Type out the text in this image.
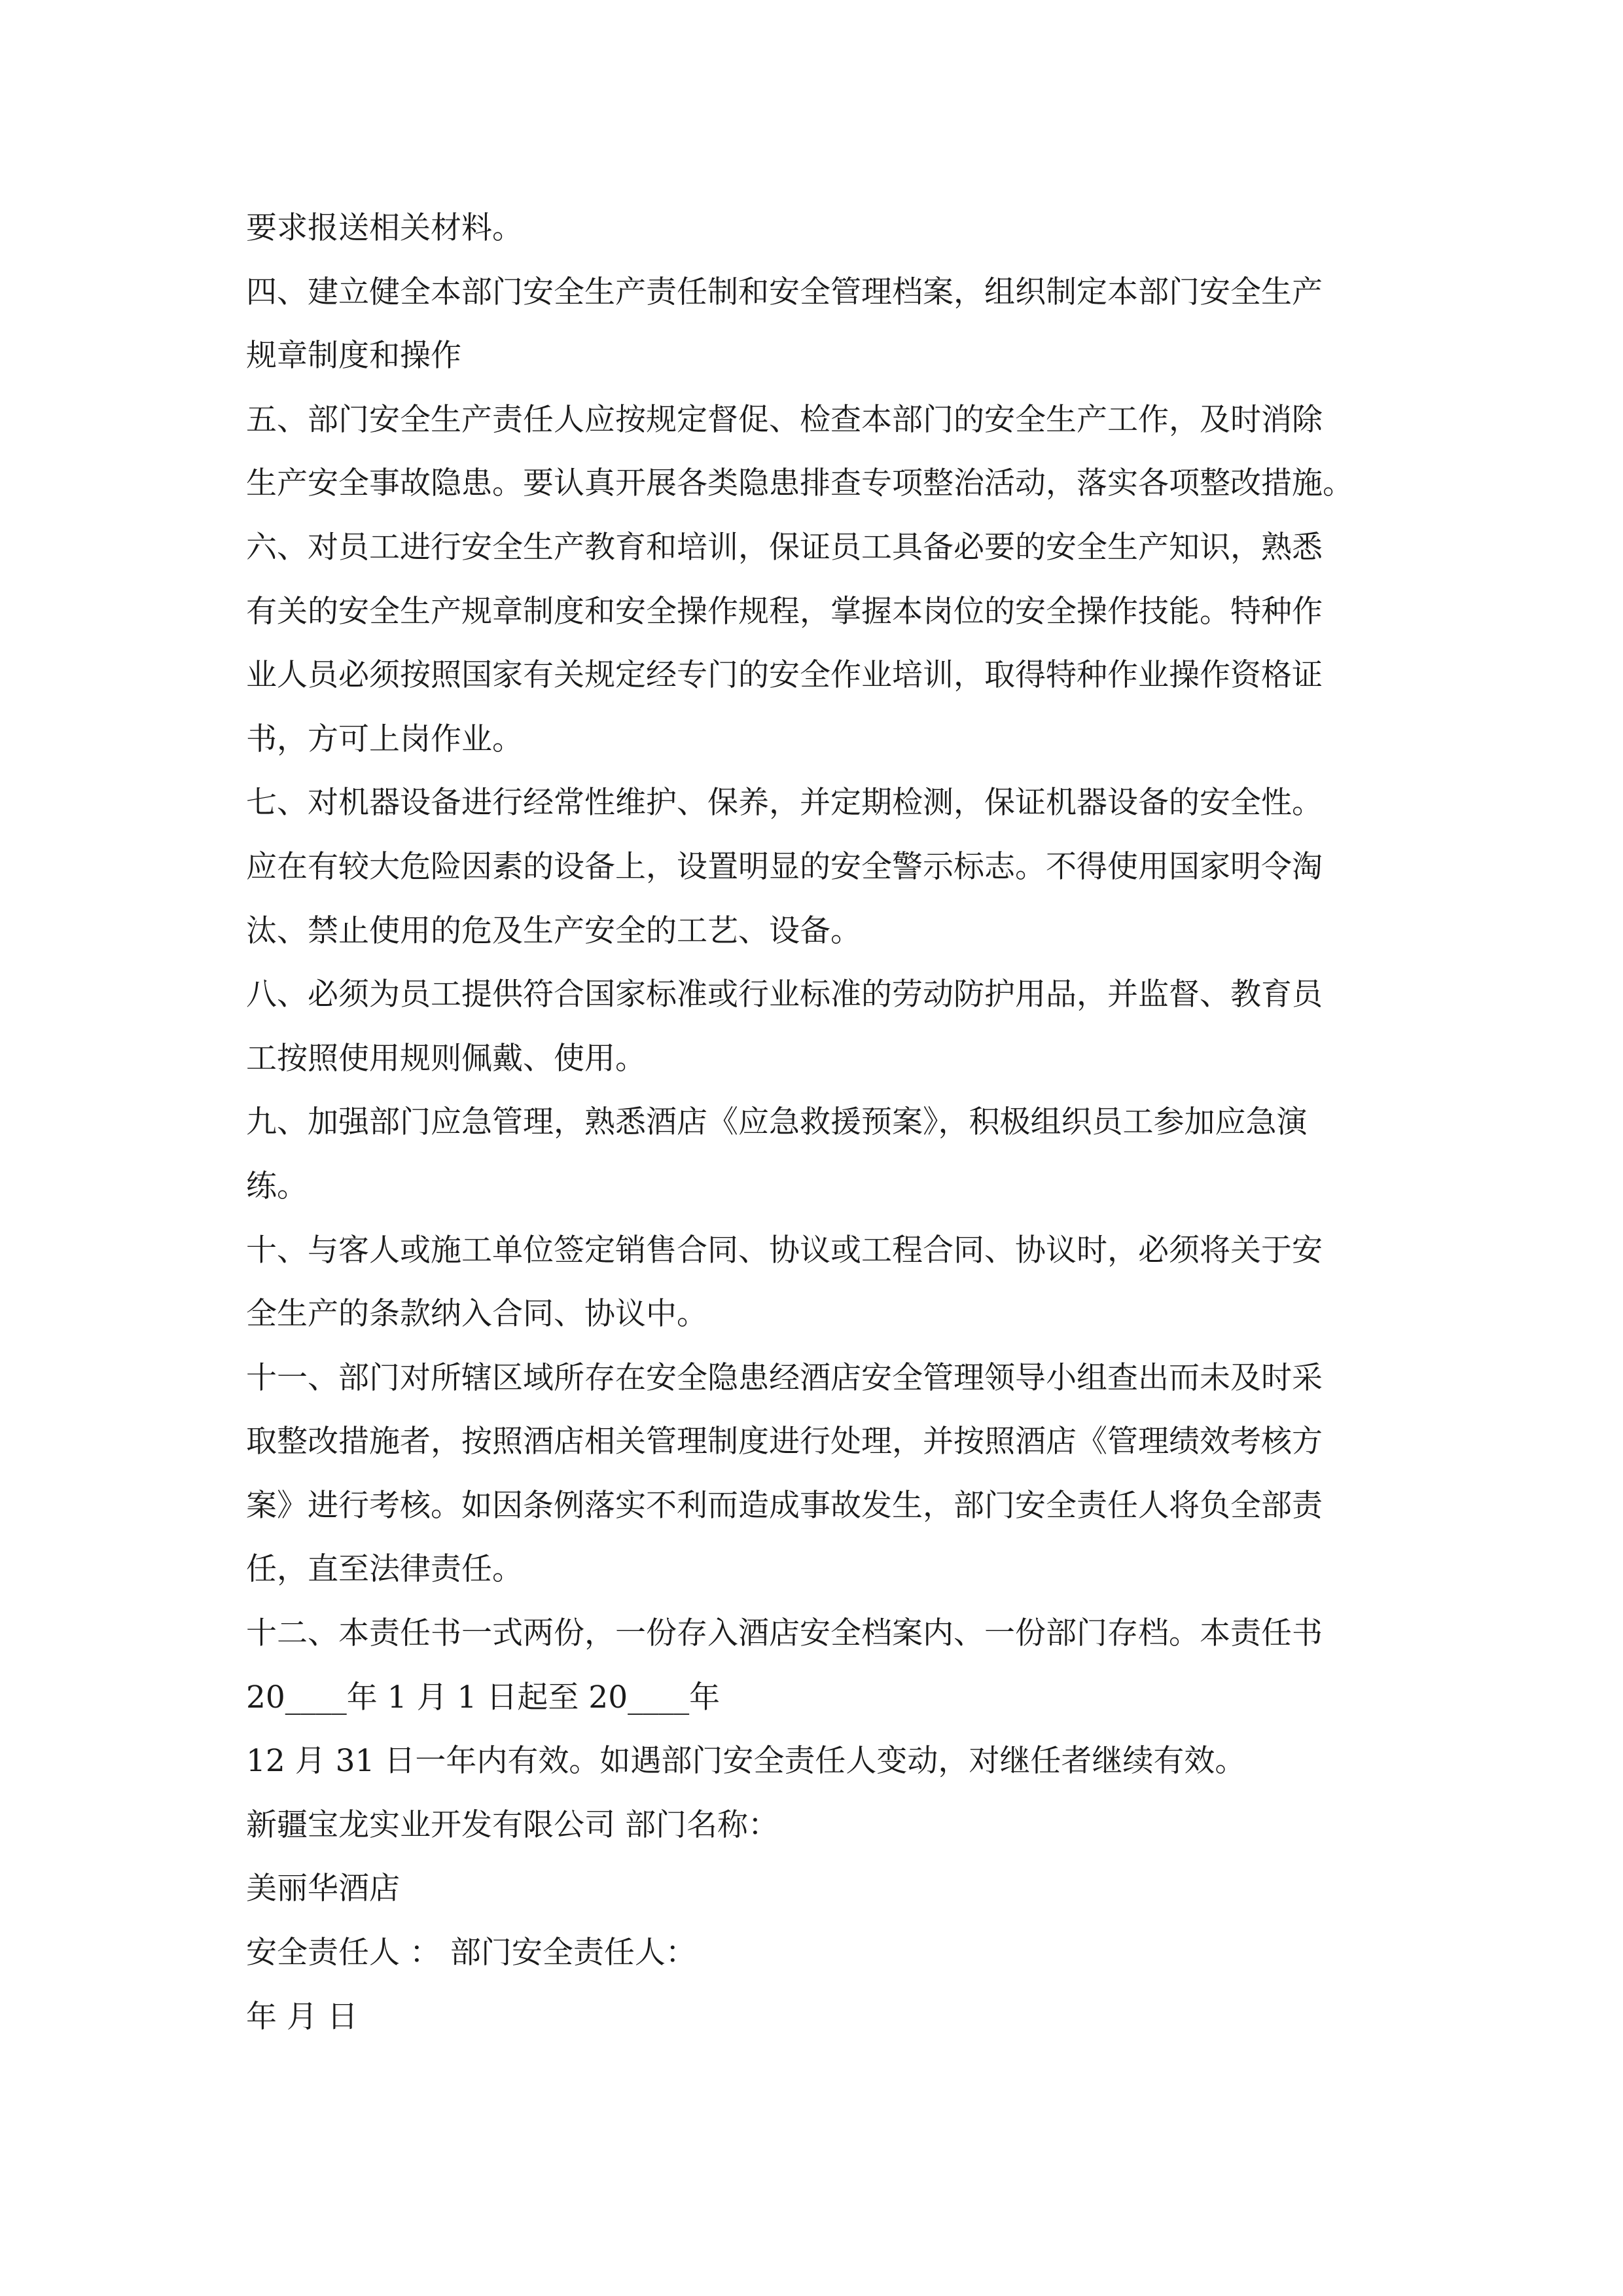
要求报送相关材料。

四、建立健全本部门安全生产责任制和安全管理档案，组织制定本部门安全生产

规章制度和操作

五、部门安全生产责任人应按规定督促、检查本部门的安全生产工作，及时消除

生产安全事故隐患。要认真开展各类隐患排查专项整治活动，落实各项整改措施。

六、对员工进行安全生产教育和培训，保证员工具备必要的安全生产知识，熟悉

有关的安全生产规章制度和安全操作规程，掌握本岗位的安全操作技能。特种作

业人员必须按照国家有关规定经专门的安全作业培训，取得特种作业操作资格证

书，方可上岗作业。

七、对机器设备进行经常性维护、保养，并定期检测，保证机器设备的安全性。

应在有较大危险因素的设备上，设置明显的安全警示标志。不得使用国家明令淘

汰、禁止使用的危及生产安全的工艺、设备。

八、必须为员工提供符合国家标准或行业标准的劳动防护用品，并监督、教育员

工按照使用规则佩戴、使用。

九、加强部门应急管理，熟悉酒店《应急救援预案》，积极组织员工参加应急演

练。

十、与客人或施工单位签定销售合同、协议或工程合同、协议时，必须将关于安

全生产的条款纳入合同、协议中。

十一、部门对所辖区域所存在安全隐患经酒店安全管理领导小组查出而未及时采

取整改措施者，按照酒店相关管理制度进行处理，并按照酒店《管理绩效考核方

案》进行考核。如因条例落实不利而造成事故发生，部门安全责任人将负全部责

任，直至法律责任。

十二、本责任书一式两份，一份存入酒店安全档案内、一份部门存档。本责任书

20____年 1 月 1 日起至 20____年

12 月 31 日一年内有效。如遇部门安全责任人变动，对继任者继续有效。

新疆宝龙实业开发有限公司 部门名称：

美丽华酒店

安全责任人 ： 部门安全责任人：

年 月 日
